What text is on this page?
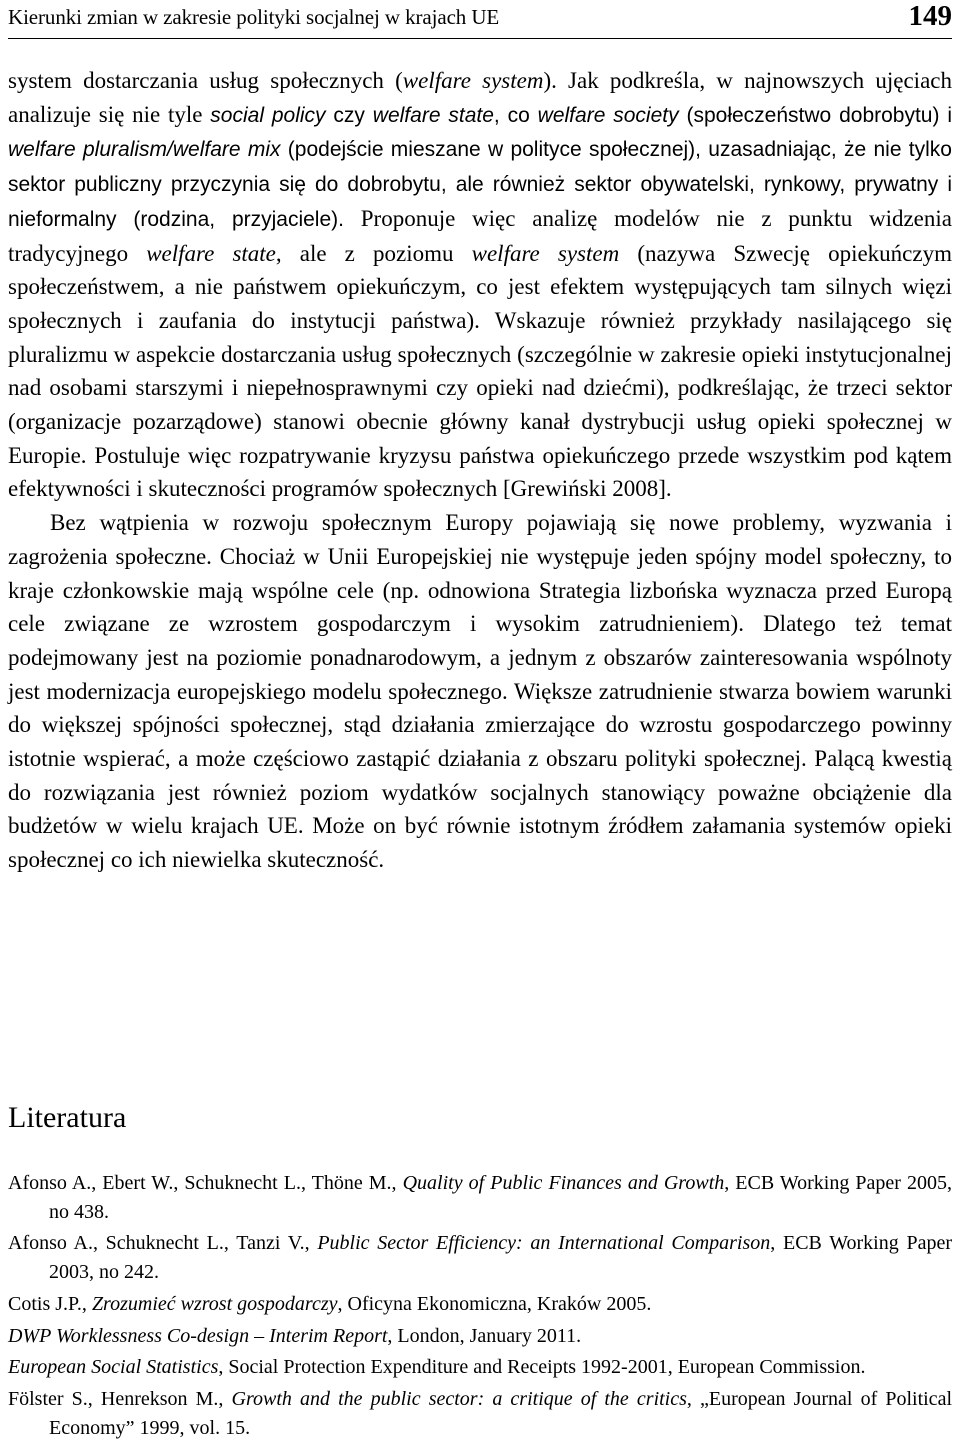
Kierunki zmian w zakresie polityki socjalnej w krajach UE	149

system dostarczania usług społecznych (welfare system). Jak podkreśla, w najnowszych ujęciach analizuje się nie tyle social policy czy welfare state, co welfare society (społeczeństwo dobrobytu) i welfare pluralism/welfare mix (podejście mieszane w polityce społecznej), uzasadniając, że nie tylko sektor publiczny przyczynia się do dobrobytu, ale również sektor obywatelski, rynkowy, prywatny i nieformalny (rodzina, przyjaciele). Proponuje więc analizę modelów nie z punktu widzenia tradycyjnego welfare state, ale z poziomu welfare system (nazywa Szwecję opiekuńczym społeczeństwem, a nie państwem opiekuńczym, co jest efektem występujących tam silnych więzi społecznych i zaufania do instytucji państwa). Wskazuje również przykłady nasilającego się pluralizmu w aspekcie dostarczania usług społecznych (szczególnie w zakresie opieki instytucjonalnej nad osobami starszymi i niepełnosprawnymi czy opieki nad dziećmi), podkreślając, że trzeci sektor (organizacje pozarządowe) stanowi obecnie główny kanał dystrybucji usług opieki społecznej w Europie. Postuluje więc rozpatrywanie kryzysu państwa opiekuńczego przede wszystkim pod kątem efektywności i skuteczności programów społecznych [Grewiński 2008].

Bez wątpienia w rozwoju społecznym Europy pojawiają się nowe problemy, wyzwania i zagrożenia społeczne. Chociaż w Unii Europejskiej nie występuje jeden spójny model społeczny, to kraje członkowskie mają wspólne cele (np. odnowiona Strategia lizbońska wyznacza przed Europą cele związane ze wzrostem gospodarczym i wysokim zatrudnieniem). Dlatego też temat podejmowany jest na poziomie ponadnarodowym, a jednym z obszarów zainteresowania wspólnoty jest modernizacja europejskiego modelu społecznego. Większe zatrudnienie stwarza bowiem warunki do większej spójności społecznej, stąd działania zmierzające do wzrostu gospodarczego powinny istotnie wspierać, a może częściowo zastąpić działania z obszaru polityki społecznej. Palącą kwestią do rozwiązania jest również poziom wydatków socjalnych stanowiący poważne obciążenie dla budżetów w wielu krajach UE. Może on być równie istotnym źródłem załamania systemów opieki społecznej co ich niewielka skuteczność.

Literatura

Afonso A., Ebert W., Schuknecht L., Thöne M., Quality of Public Finances and Growth, ECB Working Paper 2005, no 438.

Afonso A., Schuknecht L., Tanzi V., Public Sector Efficiency: an International Comparison, ECB Working Paper 2003, no 242.

Cotis J.P., Zrozumieć wzrost gospodarczy, Oficyna Ekonomiczna, Kraków 2005.

DWP Worklessness Co-design – Interim Report, London, January 2011.

European Social Statistics, Social Protection Expenditure and Receipts 1992-2001, European Commission.

Fölster S., Henrekson M., Growth and the public sector: a critique of the critics, „European Journal of Political Economy” 1999, vol. 15.
